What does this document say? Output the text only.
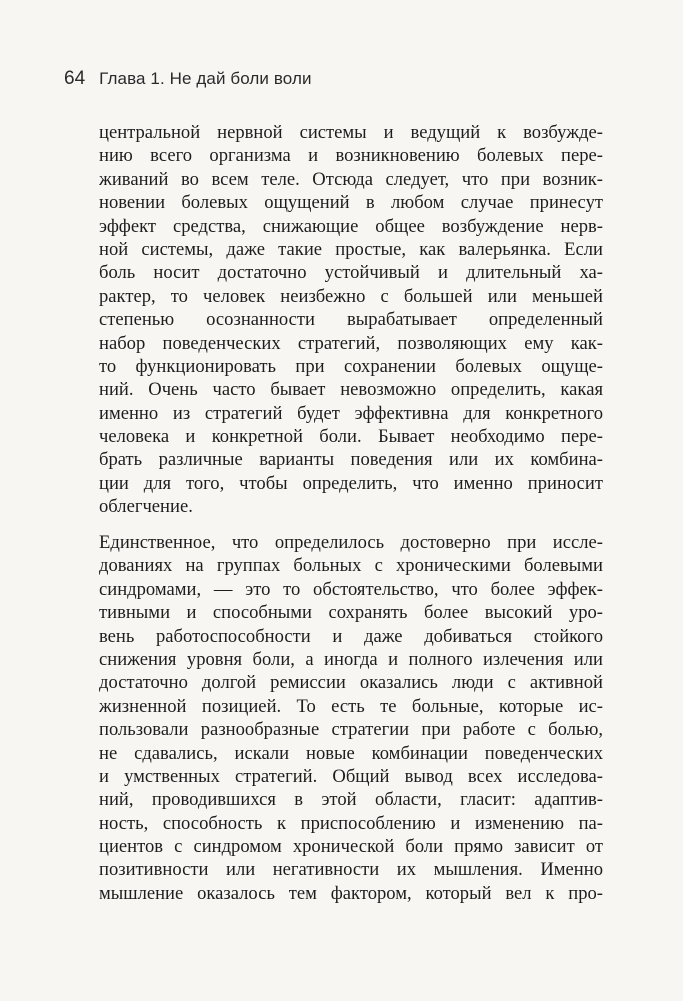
64 Глава 1. Не дай боли воли
центральной нервной системы и ведущий к возбужде-
нию всего организма и возникновению болевых пере-
живаний во всем теле. Отсюда следует, что при возник-
новении болевых ощущений в любом случае принесут
эффект средства, снижающие общее возбуждение нерв-
ной системы, даже такие простые, как валерьянка. Если
боль носит достаточно устойчивый и длительный ха-
рактер, то человек неизбежно с большей или меньшей
степенью осознанности вырабатывает определенный
набор поведенческих стратегий, позволяющих ему как-
то функционировать при сохранении болевых ощуще-
ний. Очень часто бывает невозможно определить, какая
именно из стратегий будет эффективна для конкретного
человека и конкретной боли. Бывает необходимо пере-
брать различные варианты поведения или их комбина-
ции для того, чтобы определить, что именно приносит
облегчение.
Единственное, что определилось достоверно при иссле-
дованиях на группах больных с хроническими болевыми
синдромами, — это то обстоятельство, что более эффек-
тивными и способными сохранять более высокий уро-
вень работоспособности и даже добиваться стойкого
снижения уровня боли, а иногда и полного излечения или
достаточно долгой ремиссии оказались люди с активной
жизненной позицией. То есть те больные, которые ис-
пользовали разнообразные стратегии при работе с болью,
не сдавались, искали новые комбинации поведенческих
и умственных стратегий. Общий вывод всех исследова-
ний, проводившихся в этой области, гласит: адаптив-
ность, способность к приспособлению и изменению па-
циентов с синдромом хронической боли прямо зависит от
позитивности или негативности их мышления. Именно
мышление оказалось тем фактором, который вел к про-
